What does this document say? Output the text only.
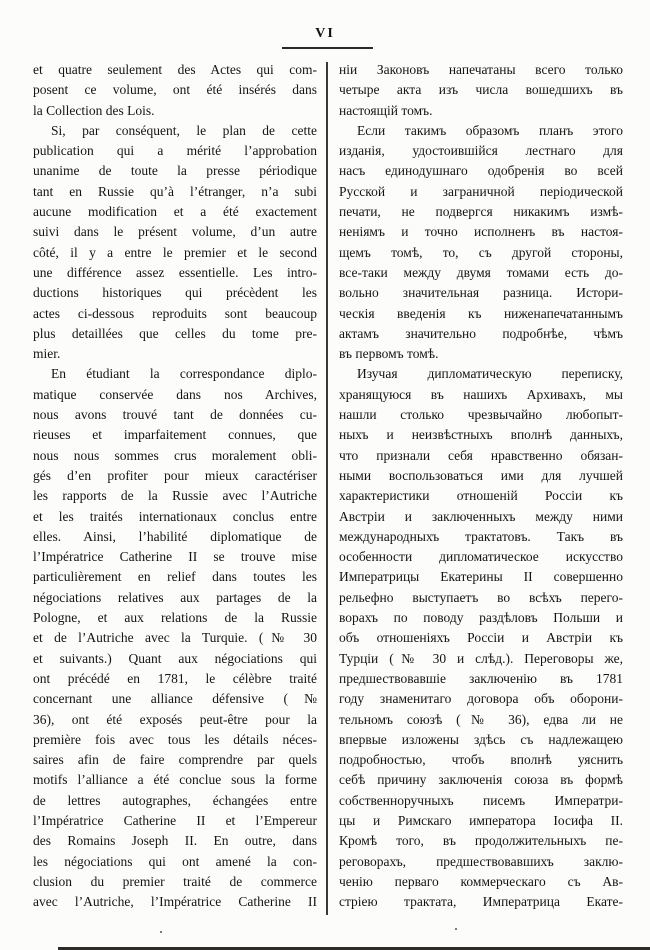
VI
et quatre seulement des Actes qui com-
posent ce volume, ont été insérés dans
la Collection des Lois.
Si, par conséquent, le plan de cette
publication qui a mérité l’approbation
unanime de toute la presse périodique
tant en Russie qu’à l’étranger, n’a subi
aucune modification et a été exactement
suivi dans le présent volume, d’un autre
côté, il y a entre le premier et le second
une différence assez essentielle. Les intro-
ductions historiques qui précèdent les
actes ci-dessous reproduits sont beaucoup
plus detaillées que celles du tome pre-
mier.
En étudiant la correspondance diplo-
matique conservée dans nos Archives,
nous avons trouvé tant de données cu-
rieuses et imparfaitement connues, que
nous nous sommes crus moralement obli-
gés d’en profiter pour mieux caractériser
les rapports de la Russie avec l’Autriche
et les traités internationaux conclus entre
elles. Ainsi, l’habilité diplomatique de
l’Impératrice Catherine II se trouve mise
particulièrement en relief dans toutes les
négociations relatives aux partages de la
Pologne, et aux relations de la Russie
et de l’Autriche avec la Turquie. (№ 30
et suivants.) Quant aux négociations qui
ont précédé en 1781, le célèbre traité
concernant une alliance défensive (№
36), ont été exposés peut-être pour la
première fois avec tous les détails néces-
saires afin de faire comprendre par quels
motifs l’alliance a été conclue sous la forme
de lettres autographes, échangées entre
l’Impératrice Catherine II et l’Empereur
des Romains Joseph II. En outre, dans
les négociations qui ont amené la con-
clusion du premier traité de commerce
avec l’Autriche, l’Impératrice Catherine II
ніи Законовъ напечатаны всего только
четыре акта изъ числа вошедшихъ въ
настоящій томъ.
Если такимъ образомъ планъ этого
изданія, удостоившійся лестнаго для
насъ единодушнаго одобренія во всей
Русской и заграничной періодической
печати, не подвергся никакимъ измѣ-
неніямъ и точно исполненъ въ настоя-
щемъ томѣ, то, съ другой стороны,
все-таки между двумя томами есть до-
вольно значительная разница. Истори-
ческія введенія къ ниженапечатаннымъ
актамъ значительно подробнѣе, чѣмъ
въ первомъ томѣ.
Изучая дипломатическую переписку,
хранящуюся въ нашихъ Архивахъ, мы
нашли столько чрезвычайно любопыт-
ныхъ и неизвѣстныхъ вполнѣ данныхъ,
что признали себя нравственно обязан-
ными воспользоваться ими для лучшей
характеристики отношеній Россіи къ
Австріи и заключенныхъ между ними
международныхъ трактатовъ. Такъ въ
особенности дипломатическое искусство
Императрицы Екатерины II совершенно
рельефно выступаетъ во всѣхъ перего-
ворахъ по поводу раздѣловъ Польши и
объ отношеніяхъ Россіи и Австріи къ
Турціи (№ 30 и слѣд.). Переговоры же,
предшествовавшіе заключенію въ 1781
году знаменитаго договора объ оборони-
тельномъ союзѣ (№ 36), едва ли не
впервые изложены здѣсь съ надлежащею
подробностью, чтобъ вполнѣ уяснить
себѣ причину заключенія союза въ формѣ
собственноручныхъ писемъ Императри-
цы и Римскаго императора Іосифа II.
Кромѣ того, въ продолжительныхъ пе-
реговорахъ, предшествовавшихъ заклю-
ченію перваго коммерческаго съ Ав-
стріею трактата, Императрица Екате-
